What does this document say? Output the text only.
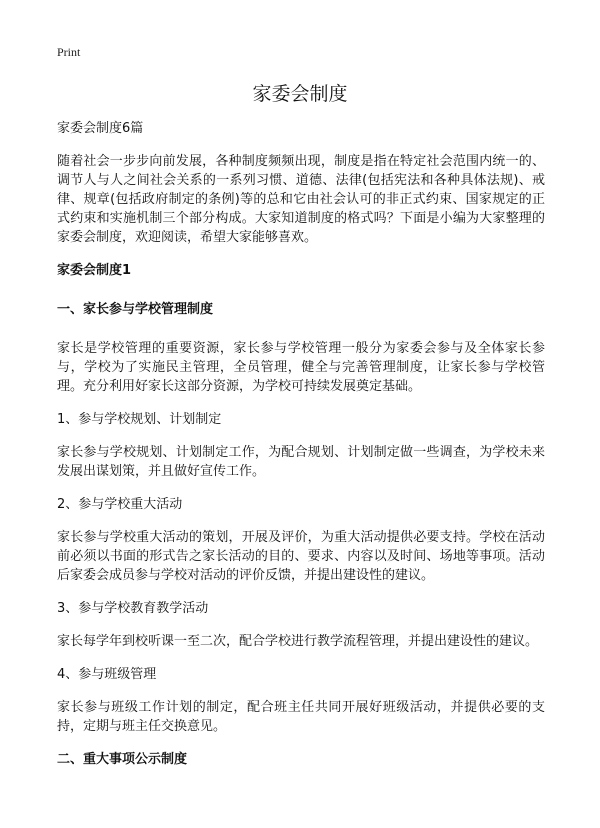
Print
家委会制度
家委会制度6篇
随着社会一步步向前发展，各种制度频频出现，制度是指在特定社会范围内统一的、调节人与人之间社会关系的一系列习惯、道德、法律(包括宪法和各种具体法规)、戒律、规章(包括政府制定的条例)等的总和它由社会认可的非正式约束、国家规定的正式约束和实施机制三个部分构成。大家知道制度的格式吗？下面是小编为大家整理的家委会制度，欢迎阅读，希望大家能够喜欢。
家委会制度1
一、家长参与学校管理制度
家长是学校管理的重要资源，家长参与学校管理一般分为家委会参与及全体家长参与，学校为了实施民主管理，全员管理，健全与完善管理制度，让家长参与学校管理。充分利用好家长这部分资源，为学校可持续发展奠定基础。
1、参与学校规划、计划制定
家长参与学校规划、计划制定工作，为配合规划、计划制定做一些调查，为学校未来发展出谋划策，并且做好宣传工作。
2、参与学校重大活动
家长参与学校重大活动的策划，开展及评价，为重大活动提供必要支持。学校在活动前必须以书面的形式告之家长活动的目的、要求、内容以及时间、场地等事项。活动后家委会成员参与学校对活动的评价反馈，并提出建设性的建议。
3、参与学校教育教学活动
家长每学年到校听课一至二次，配合学校进行教学流程管理，并提出建设性的建议。
4、参与班级管理
家长参与班级工作计划的制定，配合班主任共同开展好班级活动，并提供必要的支持，定期与班主任交换意见。
二、重大事项公示制度
